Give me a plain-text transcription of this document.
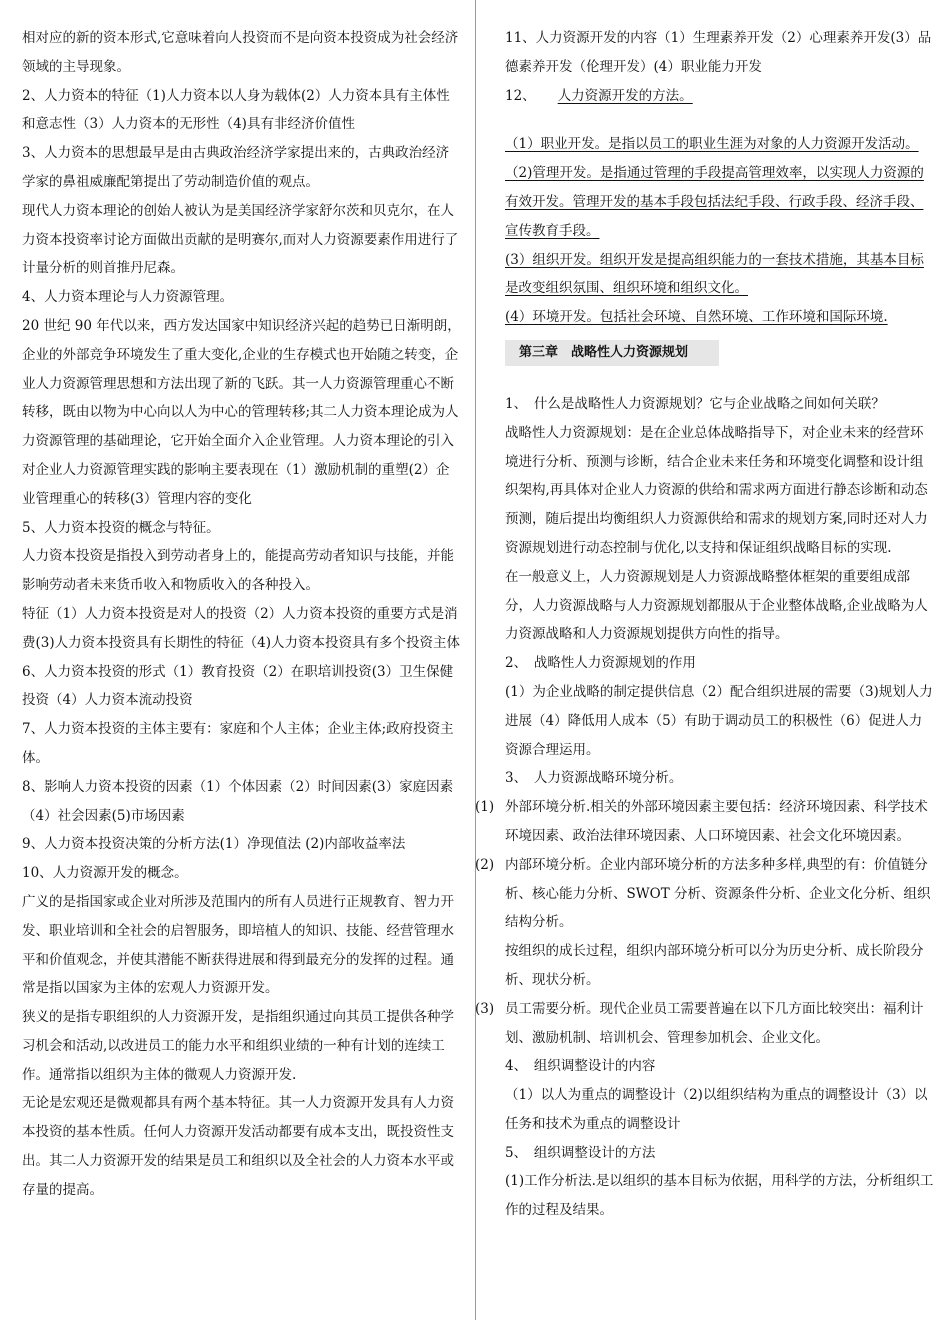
相对应的新的资本形式,它意味着向人投资而不是向资本投资成为社会经济领域的主导现象。

2、人力资本的特征（1)人力资本以人身为载体(2）人力资本具有主体性和意志性（3）人力资本的无形性（4)具有非经济价值性

3、人力资本的思想最早是由古典政治经济学家提出来的，古典政治经济学家的鼻祖威廉配第提出了劳动制造价值的观点。

现代人力资本理论的创始人被认为是美国经济学家舒尔茨和贝克尔，在人力资本投资率讨论方面做出贡献的是明赛尔,而对人力资源要素作用进行了计量分析的则首推丹尼森。

4、人力资本理论与人力资源管理。

20 世纪 90 年代以来，西方发达国家中知识经济兴起的趋势已日渐明朗，企业的外部竞争环境发生了重大变化,企业的生存模式也开始随之转变，企业人力资源管理思想和方法出现了新的飞跃。其一人力资源管理重心不断转移，既由以物为中心向以人为中心的管理转移;其二人力资本理论成为人力资源管理的基础理论，它开始全面介入企业管理。人力资本理论的引入对企业人力资源管理实践的影响主要表现在（1）激励机制的重塑(2）企业管理重心的转移(3）管理内容的变化

5、人力资本投资的概念与特征。

人力资本投资是指投入到劳动者身上的，能提高劳动者知识与技能，并能影响劳动者未来货币收入和物质收入的各种投入。

特征（1）人力资本投资是对人的投资（2）人力资本投资的重要方式是消费(3)人力资本投资具有长期性的特征（4)人力资本投资具有多个投资主体

6、人力资本投资的形式（1）教育投资（2）在职培训投资(3）卫生保健投资（4）人力资本流动投资

7、人力资本投资的主体主要有：家庭和个人主体；企业主体;政府投资主体。

8、影响人力资本投资的因素（1）个体因素（2）时间因素(3）家庭因素（4）社会因素(5)市场因素

9、人力资本投资决策的分析方法(1）净现值法 (2)内部收益率法

10、人力资源开发的概念。

广义的是指国家或企业对所涉及范围内的所有人员进行正规教育、智力开发、职业培训和全社会的启智服务，即培植人的知识、技能、经营管理水平和价值观念，并使其潜能不断获得进展和得到最充分的发挥的过程。通常是指以国家为主体的宏观人力资源开发。

狭义的是指专职组织的人力资源开发，是指组织通过向其员工提供各种学习机会和活动,以改进员工的能力水平和组织业绩的一种有计划的连续工作。通常指以组织为主体的微观人力资源开发.

无论是宏观还是微观都具有两个基本特征。其一人力资源开发具有人力资本投资的基本性质。任何人力资源开发活动都要有成本支出，既投资性支出。其二人力资源开发的结果是员工和组织以及全社会的人力资本水平或存量的提高。

11、人力资源开发的内容（1）生理素养开发（2）心理素养开发(3）品德素养开发（伦理开发）(4）职业能力开发

12、 人力资源开发的方法。

（1）职业开发。是指以员工的职业生涯为对象的人力资源开发活动。

（2)管理开发。是指通过管理的手段提高管理效率，以实现人力资源的有效开发。管理开发的基本手段包括法纪手段、行政手段、经济手段、宣传教育手段。

(3）组织开发。组织开发是提高组织能力的一套技术措施，其基本目标是改变组织氛围、组织环境和组织文化。

(4）环境开发。包括社会环境、自然环境、工作环境和国际环境.

第三章　战略性人力资源规划

1、　什么是战略性人力资源规划？它与企业战略之间如何关联？

战略性人力资源规划：是在企业总体战略指导下，对企业未来的经营环境进行分析、预测与诊断，结合企业未来任务和环境变化调整和设计组织架构,再具体对企业人力资源的供给和需求两方面进行静态诊断和动态预测，随后提出均衡组织人力资源供给和需求的规划方案,同时还对人力资源规划进行动态控制与优化,以支持和保证组织战略目标的实现.

在一般意义上，人力资源规划是人力资源战略整体框架的重要组成部分，人力资源战略与人力资源规划都服从于企业整体战略,企业战略为人力资源战略和人力资源规划提供方向性的指导。

2、　战略性人力资源规划的作用

(1）为企业战略的制定提供信息（2）配合组织进展的需要（3)规划人力进展（4）降低用人成本（5）有助于调动员工的积极性（6）促进人力资源合理运用。

3、　人力资源战略环境分析。

(1) 外部环境分析.相关的外部环境因素主要包括：经济环境因素、科学技术环境因素、政治法律环境因素、人口环境因素、社会文化环境因素。
(2) 内部环境分析。企业内部环境分析的方法多种多样,典型的有：价值链分析、核心能力分析、SWOT 分析、资源条件分析、企业文化分析、组织结构分析。
按组织的成长过程，组织内部环境分析可以分为历史分析、成长阶段分析、现状分析。
(3) 员工需要分析。现代企业员工需要普遍在以下几方面比较突出：福利计划、激励机制、培训机会、管理参加机会、企业文化。

4、　组织调整设计的内容

（1）以人为重点的调整设计（2)以组织结构为重点的调整设计（3）以任务和技术为重点的调整设计

5、　组织调整设计的方法

(1)工作分析法.是以组织的基本目标为依据，用科学的方法，分析组织工作的过程及结果。
